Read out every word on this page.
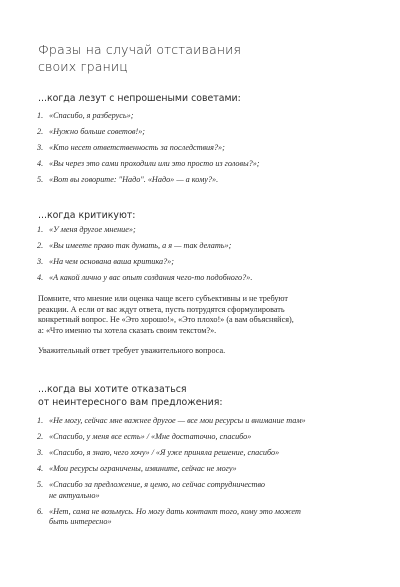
Фразы на случай отстаивания
своих границ
...когда лезут с непрошеными советами:
1. «Спасибо, я разберусь»;
2. «Нужно больше советов!»;
3. «Кто несет ответственность за последствия?»;
4. «Вы через это сами проходили или это просто из головы?»;
5. «Вот вы говорите: "Надо". «Надо» — а кому?».
...когда критикуют:
1. «У меня другое мнение»;
2. «Вы имеете право так думать, а я — так делать»;
3. «На чем основана ваша критика?»;
4. «А какой лично у вас опыт создания чего-то подобного?».
Помните, что мнение или оценка чаще всего субъективны и не требуют
реакции. А если от вас ждут ответа, пусть потрудятся сформулировать
конкретный вопрос. Не «Это хорошо!», «Это плохо!» (а вам объясняйся),
а: «Что именно ты хотела сказать своим текстом?».
Уважительный ответ требует уважительного вопроса.
...когда вы хотите отказаться
от неинтересного вам предложения:
1. «Не могу, сейчас мне важнее другое — все мои ресурсы и внимание там»
2. «Спасибо, у меня все есть» / «Мне достаточно, спасибо»
3. «Спасибо, я знаю, чего хочу» / «Я уже приняла решение, спасибо»
4. «Мои ресурсы ограничены, извините, сейчас не могу»
5. «Спасибо за предложение, я ценю, но сейчас сотрудничество
не актуально»
6. «Нет, сама не возьмусь. Но могу дать контакт того, кому это может
быть интересно»
